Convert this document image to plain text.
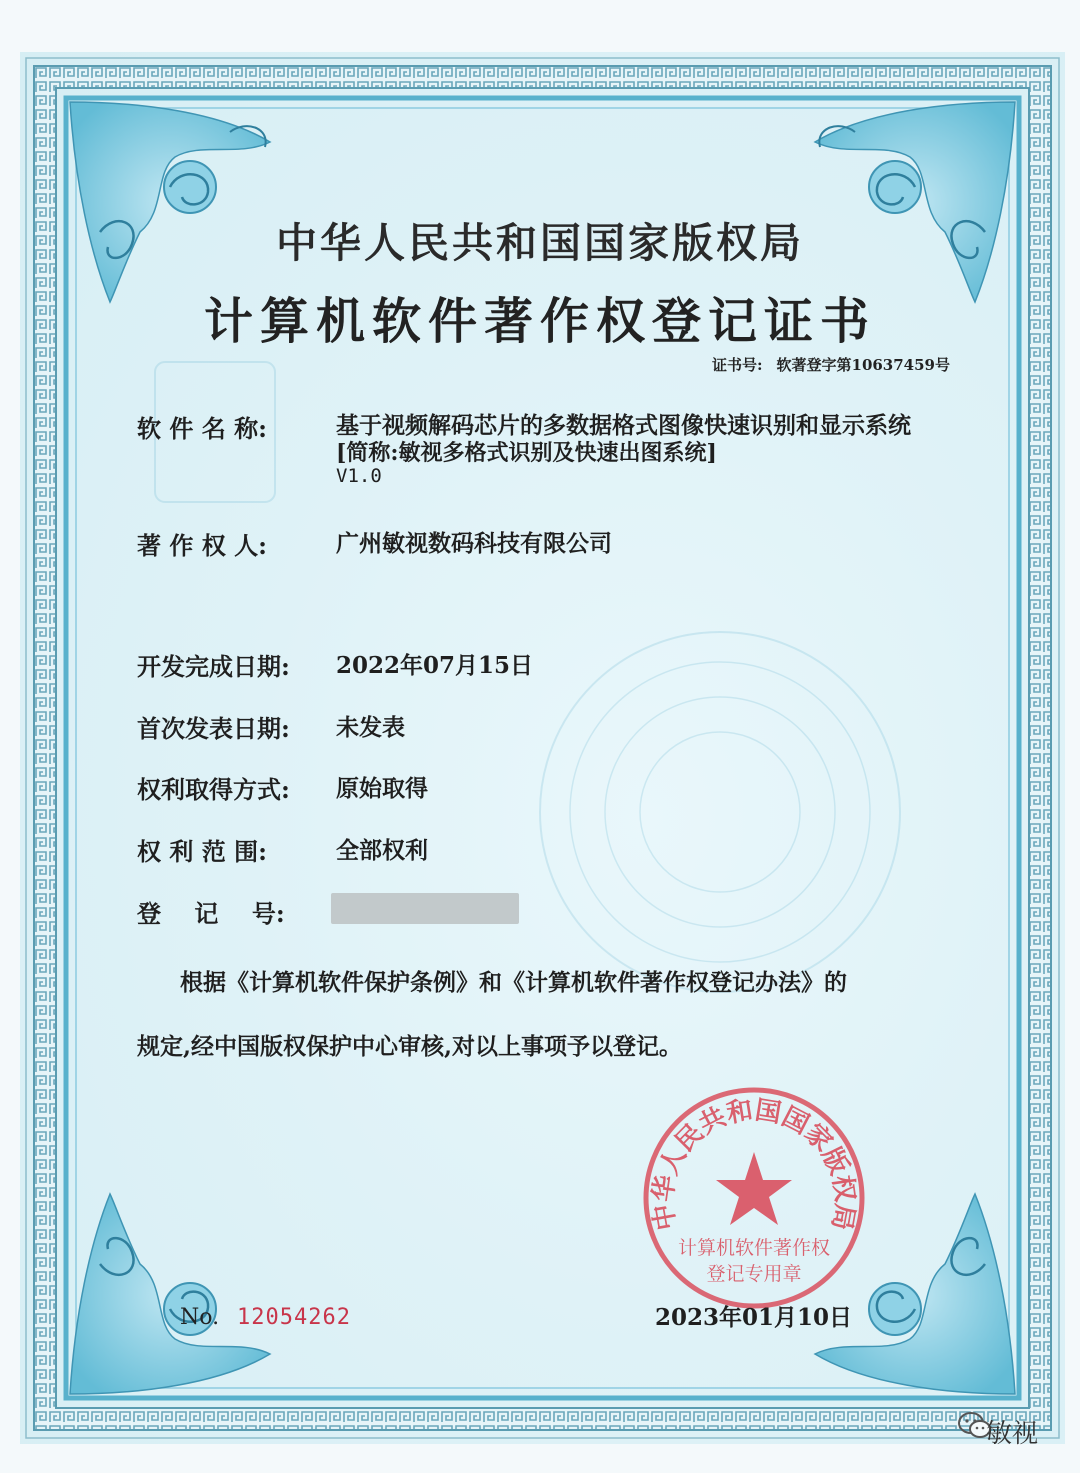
中华人民共和国国家版权局
计算机软件著作权登记证书
证书号: 软著登字第10637459号
软 件 名 称:	基于视频解码芯片的多数据格式图像快速识别和显示系统
[简称:敏视多格式识别及快速出图系统]
V1.0
著 作 权 人:	广州敏视数码科技有限公司
开发完成日期: 2022年07月15日
首次发表日期: 未发表
权利取得方式: 原始取得
权 利 范 围:	全部权利
登    记    号:
根据《计算机软件保护条例》和《计算机软件著作权登记办法》的
规定,经中国版权保护中心审核,对以上事项予以登记。
中华人民共和国国家版权局
计算机软件著作权
登记专用章
No. 12054262	2023年01月10日
敏视
